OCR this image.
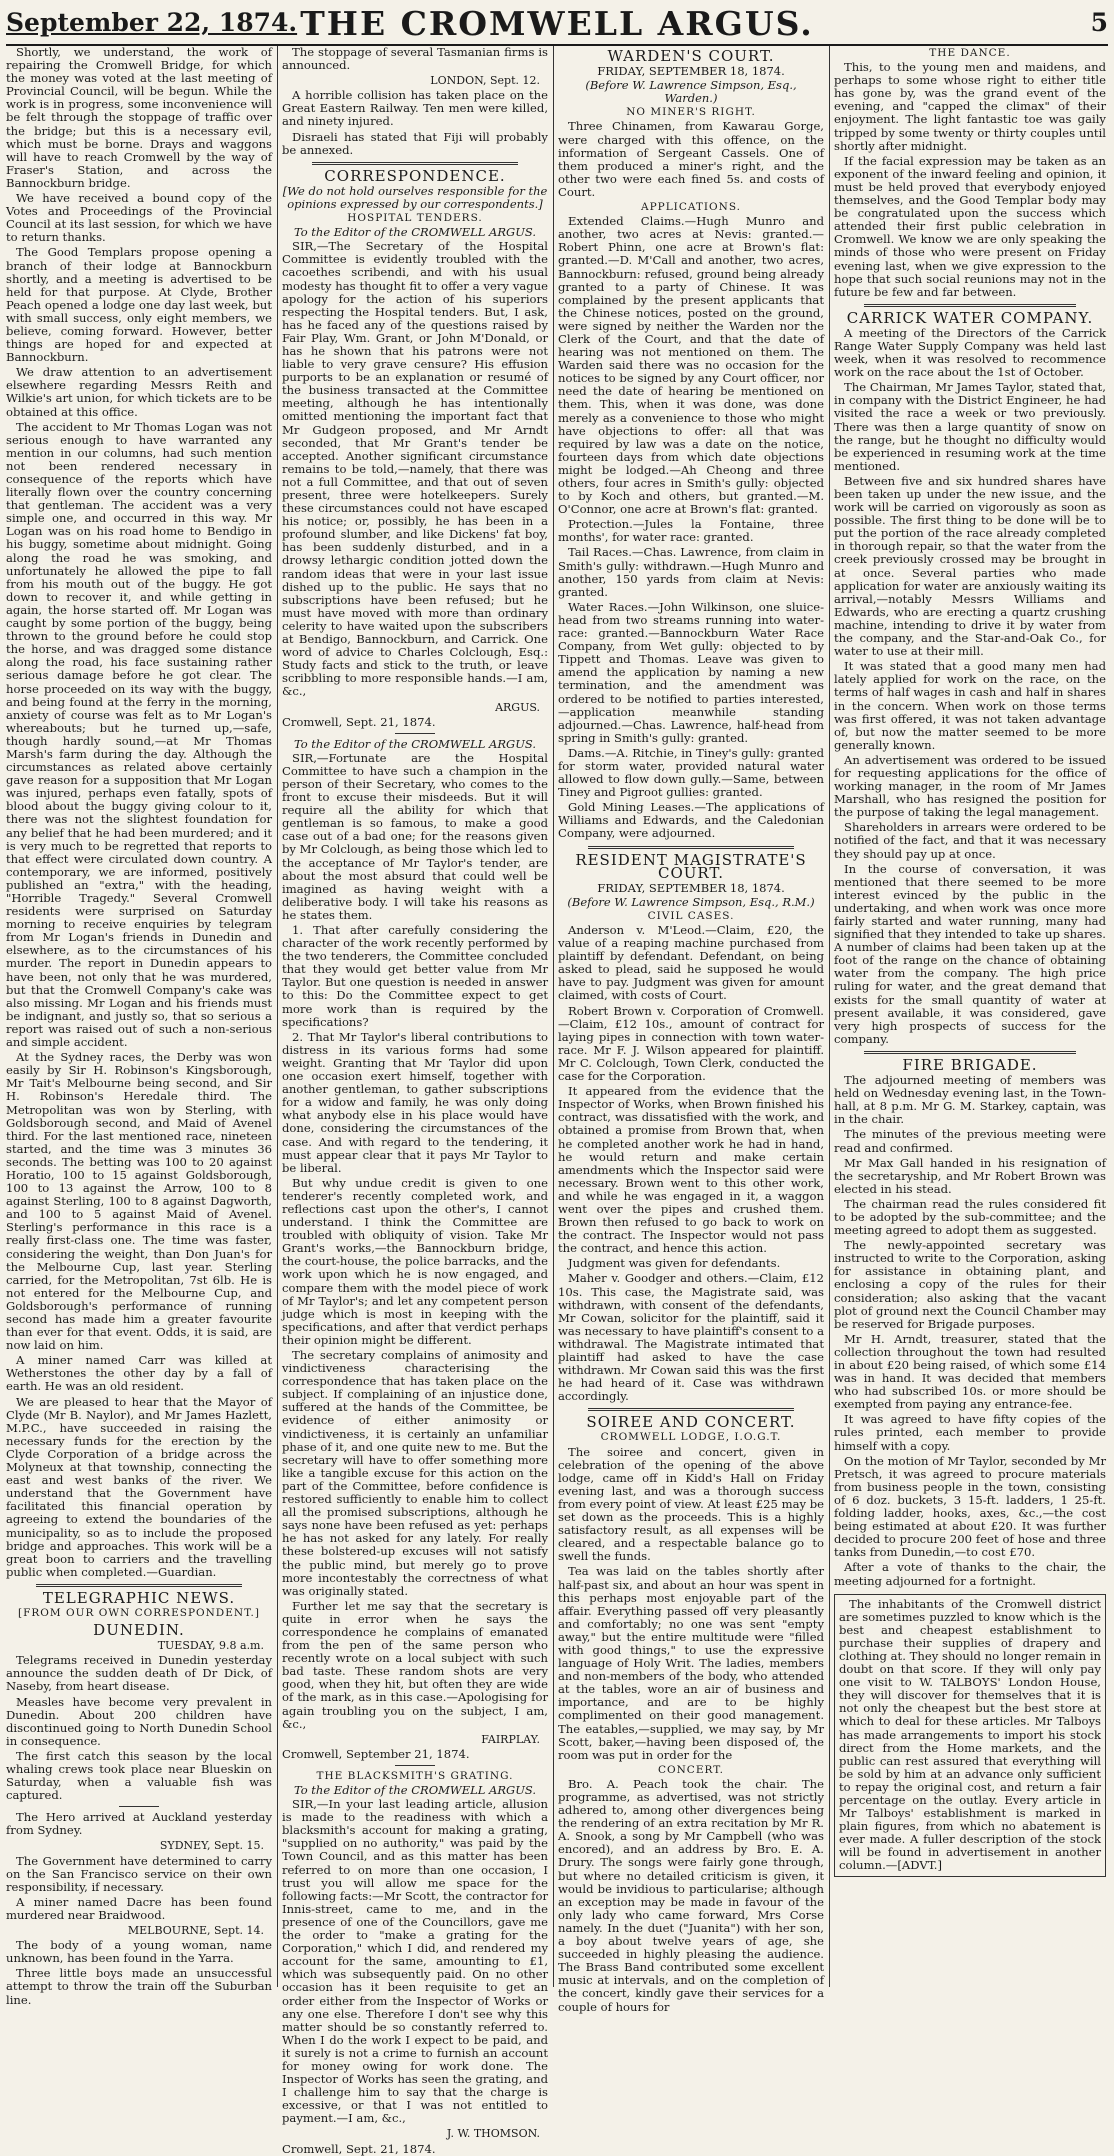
September 22, 1874. THE CROMWELL ARGUS.	5

Shortly, we understand, the work of repairing the Cromwell Bridge, for which the money was voted at the last meeting of Provincial Council, will be begun. While the work is in progress, some inconvenience will be felt through the stoppage of traffic over the bridge; but this is a necessary evil, which must be borne. Drays and waggons will have to reach Cromwell by the way of Fraser's Station, and across the Bannockburn bridge.

We have received a bound copy of the Votes and Proceedings of the Provincial Council at its last session, for which we have to return thanks.

The Good Templars propose opening a branch of their lodge at Bannockburn shortly, and a meeting is advertised to be held for that purpose. At Clyde, Brother Peach opened a lodge one day last week, but with small success, only eight members, we believe, coming forward. However, better things are hoped for and expected at Bannockburn.

We draw attention to an advertisement elsewhere regarding Messrs Reith and Wilkie's art union, for which tickets are to be obtained at this office.

The accident to Mr Thomas Logan was not serious enough to have warranted any mention in our columns, had such mention not been rendered necessary in consequence of the reports which have literally flown over the country concerning that gentleman. The accident was a very simple one, and occurred in this way. Mr Logan was on his road home to Bendigo in his buggy, sometime about midnight. Going along the road he was smoking, and unfortunately he allowed the pipe to fall from his mouth out of the buggy. He got down to recover it, and while getting in again, the horse started off. Mr Logan was caught by some portion of the buggy, being thrown to the ground before he could stop the horse, and was dragged some distance along the road, his face sustaining rather serious damage before he got clear. The horse proceeded on its way with the buggy, and being found at the ferry in the morning, anxiety of course was felt as to Mr Logan's whereabouts; but he turned up,—safe, though hardly sound,—at Mr Thomas Marsh's farm during the day. Although the circumstances as related above certainly gave reason for a supposition that Mr Logan was injured, perhaps even fatally, spots of blood about the buggy giving colour to it, there was not the slightest foundation for any belief that he had been murdered; and it is very much to be regretted that reports to that effect were circulated down country. A contemporary, we are informed, positively published an "extra," with the heading, "Horrible Tragedy." Several Cromwell residents were surprised on Saturday morning to receive enquiries by telegram from Mr Logan's friends in Dunedin and elsewhere, as to the circumstances of his murder. The report in Dunedin appears to have been, not only that he was murdered, but that the Cromwell Company's cake was also missing. Mr Logan and his friends must be indignant, and justly so, that so serious a report was raised out of such a non-serious and simple accident.

At the Sydney races, the Derby was won easily by Sir H. Robinson's Kingsborough, Mr Tait's Melbourne being second, and Sir H. Robinson's Heredale third. The Metropolitan was won by Sterling, with Goldsborough second, and Maid of Avenel third. For the last mentioned race, nineteen started, and the time was 3 minutes 36 seconds. The betting was 100 to 20 against Horatio, 100 to 15 against Goldsborough, 100 to 13 against the Arrow, 100 to 8 against Sterling, 100 to 8 against Dagworth, and 100 to 5 against Maid of Avenel. Sterling's performance in this race is a really first-class one. The time was faster, considering the weight, than Don Juan's for the Melbourne Cup, last year. Sterling carried, for the Metropolitan, 7st 6lb. He is not entered for the Melbourne Cup, and Goldsborough's performance of running second has made him a greater favourite than ever for that event. Odds, it is said, are now laid on him.

A miner named Carr was killed at Wetherstones the other day by a fall of earth. He was an old resident.

We are pleased to hear that the Mayor of Clyde (Mr B. Naylor), and Mr James Hazlett, M.P.C., have succeeded in raising the necessary funds for the erection by the Clyde Corporation of a bridge across the Molyneux at that township, connecting the east and west banks of the river. We understand that the Government have facilitated this financial operation by agreeing to extend the boundaries of the municipality, so as to include the proposed bridge and approaches. This work will be a great boon to carriers and the travelling public when completed.—Guardian.

TELEGRAPHIC NEWS.
[FROM OUR OWN CORRESPONDENT.]
DUNEDIN.
TUESDAY, 9.8 a.m.

Telegrams received in Dunedin yesterday announce the sudden death of Dr Dick, of Naseby, from heart disease.

Measles have become very prevalent in Dunedin. About 200 children have discontinued going to North Dunedin School in consequence.

The first catch this season by the local whaling crews took place near Blueskin on Saturday, when a valuable fish was captured.

The Hero arrived at Auckland yesterday from Sydney.

SYDNEY, Sept. 15.

The Government have determined to carry on the San Francisco service on their own responsibility, if necessary.

A miner named Dacre has been found murdered near Braidwood.

MELBOURNE, Sept. 14.

The body of a young woman, name unknown, has been found in the Yarra.

Three little boys made an unsuccessful attempt to throw the train off the Suburban line.

The stoppage of several Tasmanian firms is announced.

LONDON, Sept. 12.

A horrible collision has taken place on the Great Eastern Railway. Ten men were killed, and ninety injured.

Disraeli has stated that Fiji will probably be annexed.

CORRESPONDENCE.
[We do not hold ourselves responsible for the opinions expressed by our correspondents.]
HOSPITAL TENDERS.
To the Editor of the CROMWELL ARGUS.

SIR,—The Secretary of the Hospital Committee is evidently troubled with the cacoethes scribendi, and with his usual modesty has thought fit to offer a very vague apology for the action of his superiors respecting the Hospital tenders. But, I ask, has he faced any of the questions raised by Fair Play, Wm. Grant, or John M'Donald, or has he shown that his patrons were not liable to very grave censure? His effusion purports to be an explanation or resumé of the business transacted at the Committee meeting, although he has intentionally omitted mentioning the important fact that Mr Gudgeon proposed, and Mr Arndt seconded, that Mr Grant's tender be accepted. Another significant circumstance remains to be told,—namely, that there was not a full Committee, and that out of seven present, three were hotelkeepers. Surely these circumstances could not have escaped his notice; or, possibly, he has been in a profound slumber, and like Dickens' fat boy, has been suddenly disturbed, and in a drowsy lethargic condition jotted down the random ideas that were in your last issue dished up to the public. He says that no subscriptions have been refused; but he must have moved with more than ordinary celerity to have waited upon the subscribers at Bendigo, Bannockburn, and Carrick. One word of advice to Charles Colclough, Esq.: Study facts and stick to the truth, or leave scribbling to more responsible hands.—I am, &c.,

ARGUS.
Cromwell, Sept. 21, 1874.
To the Editor of the CROMWELL ARGUS.

SIR,—Fortunate are the Hospital Committee to have such a champion in the person of their Secretary, who comes to the front to excuse their misdeeds. But it will require all the ability for which that gentleman is so famous, to make a good case out of a bad one; for the reasons given by Mr Colclough, as being those which led to the acceptance of Mr Taylor's tender, are about the most absurd that could well be imagined as having weight with a deliberative body. I will take his reasons as he states them.

1. That after carefully considering the character of the work recently performed by the two tenderers, the Committee concluded that they would get better value from Mr Taylor. But one question is needed in answer to this: Do the Committee expect to get more work than is required by the specifications?

2. That Mr Taylor's liberal contributions to distress in its various forms had some weight. Granting that Mr Taylor did upon one occasion exert himself, together with another gentleman, to gather subscriptions for a widow and family, he was only doing what anybody else in his place would have done, considering the circumstances of the case. And with regard to the tendering, it must appear clear that it pays Mr Taylor to be liberal.

But why undue credit is given to one tenderer's recently completed work, and reflections cast upon the other's, I cannot understand. I think the Committee are troubled with obliquity of vision. Take Mr Grant's works,—the Bannockburn bridge, the court-house, the police barracks, and the work upon which he is now engaged, and compare them with the model piece of work of Mr Taylor's; and let any competent person judge which is most in keeping with the specifications, and after that verdict perhaps their opinion might be different.

The secretary complains of animosity and vindictiveness characterising the correspondence that has taken place on the subject. If complaining of an injustice done, suffered at the hands of the Committee, be evidence of either animosity or vindictiveness, it is certainly an unfamiliar phase of it, and one quite new to me. But the secretary will have to offer something more like a tangible excuse for this action on the part of the Committee, before confidence is restored sufficiently to enable him to collect all the promised subscriptions, although he says none have been refused as yet: perhaps he has not asked for any lately. For really these bolstered-up excuses will not satisfy the public mind, but merely go to prove more incontestably the correctness of what was originally stated.

Further let me say that the secretary is quite in error when he says the correspondence he complains of emanated from the pen of the same person who recently wrote on a local subject with such bad taste. These random shots are very good, when they hit, but often they are wide of the mark, as in this case.—Apologising for again troubling you on the subject, I am, &c.,

FAIRPLAY.
Cromwell, September 21, 1874.
THE BLACKSMITH'S GRATING.
To the Editor of the CROMWELL ARGUS.

SIR,—In your last leading article, allusion is made to the readiness with which a blacksmith's account for making a grating, "supplied on no authority," was paid by the Town Council, and as this matter has been referred to on more than one occasion, I trust you will allow me space for the following facts:—Mr Scott, the contractor for Innis-street, came to me, and in the presence of one of the Councillors, gave me the order to "make a grating for the Corporation," which I did, and rendered my account for the same, amounting to £1, which was subsequently paid. On no other occasion has it been requisite to get an order either from the Inspector of Works or any one else. Therefore I don't see why this matter should be so constantly referred to. When I do the work I expect to be paid, and it surely is not a crime to furnish an account for money owing for work done. The Inspector of Works has seen the grating, and I challenge him to say that the charge is excessive, or that I was not entitled to payment.—I am, &c.,

J. W. THOMSON.
Cromwell, Sept. 21, 1874.
WARDEN'S COURT.
FRIDAY, SEPTEMBER 18, 1874.
(Before W. Lawrence Simpson, Esq., Warden.)
NO MINER'S RIGHT.

Three Chinamen, from Kawarau Gorge, were charged with this offence, on the information of Sergeant Cassels. One of them produced a miner's right, and the other two were each fined 5s. and costs of Court.

APPLICATIONS.

Extended Claims.—Hugh Munro and another, two acres at Nevis: granted.—Robert Phinn, one acre at Brown's flat: granted.—D. M'Call and another, two acres, Bannockburn: refused, ground being already granted to a party of Chinese. It was complained by the present applicants that the Chinese notices, posted on the ground, were signed by neither the Warden nor the Clerk of the Court, and that the date of hearing was not mentioned on them. The Warden said there was no occasion for the notices to be signed by any Court officer, nor need the date of hearing be mentioned on them. This, when it was done, was done merely as a convenience to those who might have objections to offer: all that was required by law was a date on the notice, fourteen days from which date objections might be lodged.—Ah Cheong and three others, four acres in Smith's gully: objected to by Koch and others, but granted.—M. O'Connor, one acre at Brown's flat: granted.

Protection.—Jules la Fontaine, three months', for water race: granted.

Tail Races.—Chas. Lawrence, from claim in Smith's gully: withdrawn.—Hugh Munro and another, 150 yards from claim at Nevis: granted.

Water Races.—John Wilkinson, one sluice-head from two streams running into water-race: granted.—Bannockburn Water Race Company, from Wet gully: objected to by Tippett and Thomas. Leave was given to amend the application by naming a new termination, and the amendment was ordered to be notified to parties interested,—application meanwhile standing adjourned.—Chas. Lawrence, half-head from spring in Smith's gully: granted.

Dams.—A. Ritchie, in Tiney's gully: granted for storm water, provided natural water allowed to flow down gully.—Same, between Tiney and Pigroot gullies: granted.

Gold Mining Leases.—The applications of Williams and Edwards, and the Caledonian Company, were adjourned.

RESIDENT MAGISTRATE'S COURT.
FRIDAY, SEPTEMBER 18, 1874.
(Before W. Lawrence Simpson, Esq., R.M.)
CIVIL CASES.

Anderson v. M'Leod.—Claim, £20, the value of a reaping machine purchased from plaintiff by defendant. Defendant, on being asked to plead, said he supposed he would have to pay. Judgment was given for amount claimed, with costs of Court.

Robert Brown v. Corporation of Cromwell.—Claim, £12 10s., amount of contract for laying pipes in connection with town water-race. Mr F. J. Wilson appeared for plaintiff. Mr C. Colclough, Town Clerk, conducted the case for the Corporation.

It appeared from the evidence that the Inspector of Works, when Brown finished his contract, was dissatisfied with the work, and obtained a promise from Brown that, when he completed another work he had in hand, he would return and make certain amendments which the Inspector said were necessary. Brown went to this other work, and while he was engaged in it, a waggon went over the pipes and crushed them. Brown then refused to go back to work on the contract. The Inspector would not pass the contract, and hence this action.

Judgment was given for defendants.

Maher v. Goodger and others.—Claim, £12 10s. This case, the Magistrate said, was withdrawn, with consent of the defendants, Mr Cowan, solicitor for the plaintiff, said it was necessary to have plaintiff's consent to a withdrawal. The Magistrate intimated that plaintiff had asked to have the case withdrawn. Mr Cowan said this was the first he had heard of it. Case was withdrawn accordingly.

SOIREE AND CONCERT.
CROMWELL LODGE, I.O.G.T.

The soiree and concert, given in celebration of the opening of the above lodge, came off in Kidd's Hall on Friday evening last, and was a thorough success from every point of view. At least £25 may be set down as the proceeds. This is a highly satisfactory result, as all expenses will be cleared, and a respectable balance go to swell the funds.

Tea was laid on the tables shortly after half-past six, and about an hour was spent in this perhaps most enjoyable part of the affair. Everything passed off very pleasantly and comfortably; no one was sent "empty away," but the entire multitude were "filled with good things," to use the expressive language of Holy Writ. The ladies, members and non-members of the body, who attended at the tables, wore an air of business and importance, and are to be highly complimented on their good management. The eatables,—supplied, we may say, by Mr Scott, baker,—having been disposed of, the room was put in order for the

CONCERT.

Bro. A. Peach took the chair. The programme, as advertised, was not strictly adhered to, among other divergences being the rendering of an extra recitation by Mr R. A. Snook, a song by Mr Campbell (who was encored), and an address by Bro. E. A. Drury. The songs were fairly gone through, but where no detailed criticism is given, it would be invidious to particularise; although an exception may be made in favour of the only lady who came forward, Mrs Corse namely. In the duet ("Juanita") with her son, a boy about twelve years of age, she succeeded in highly pleasing the audience. The Brass Band contributed some excellent music at intervals, and on the completion of the concert, kindly gave their services for a couple of hours for

THE DANCE.

This, to the young men and maidens, and perhaps to some whose right to either title has gone by, was the grand event of the evening, and "capped the climax" of their enjoyment. The light fantastic toe was gaily tripped by some twenty or thirty couples until shortly after midnight.

If the facial expression may be taken as an exponent of the inward feeling and opinion, it must be held proved that everybody enjoyed themselves, and the Good Templar body may be congratulated upon the success which attended their first public celebration in Cromwell. We know we are only speaking the minds of those who were present on Friday evening last, when we give expression to the hope that such social reunions may not in the future be few and far between.

CARRICK WATER COMPANY.

A meeting of the Directors of the Carrick Range Water Supply Company was held last week, when it was resolved to recommence work on the race about the 1st of October.

The Chairman, Mr James Taylor, stated that, in company with the District Engineer, he had visited the race a week or two previously. There was then a large quantity of snow on the range, but he thought no difficulty would be experienced in resuming work at the time mentioned.

Between five and six hundred shares have been taken up under the new issue, and the work will be carried on vigorously as soon as possible. The first thing to be done will be to put the portion of the race already completed in thorough repair, so that the water from the creek previously crossed may be brought in at once. Several parties who made application for water are anxiously waiting its arrival,—notably Messrs Williams and Edwards, who are erecting a quartz crushing machine, intending to drive it by water from the company, and the Star-and-Oak Co., for water to use at their mill.

It was stated that a good many men had lately applied for work on the race, on the terms of half wages in cash and half in shares in the concern. When work on those terms was first offered, it was not taken advantage of, but now the matter seemed to be more generally known.

An advertisement was ordered to be issued for requesting applications for the office of working manager, in the room of Mr James Marshall, who has resigned the position for the purpose of taking the legal management.

Shareholders in arrears were ordered to be notified of the fact, and that it was necessary they should pay up at once.

In the course of conversation, it was mentioned that there seemed to be more interest evinced by the public in the undertaking, and when work was once more fairly started and water running, many had signified that they intended to take up shares. A number of claims had been taken up at the foot of the range on the chance of obtaining water from the company. The high price ruling for water, and the great demand that exists for the small quantity of water at present available, it was considered, gave very high prospects of success for the company.

FIRE BRIGADE.

The adjourned meeting of members was held on Wednesday evening last, in the Town-hall, at 8 p.m. Mr G. M. Starkey, captain, was in the chair.

The minutes of the previous meeting were read and confirmed.

Mr Max Gall handed in his resignation of the secretaryship, and Mr Robert Brown was elected in his stead.

The chairman read the rules considered fit to be adopted by the sub-committee; and the meeting agreed to adopt them as suggested.

The newly-appointed secretary was instructed to write to the Corporation, asking for assistance in obtaining plant, and enclosing a copy of the rules for their consideration; also asking that the vacant plot of ground next the Council Chamber may be reserved for Brigade purposes.

Mr H. Arndt, treasurer, stated that the collection throughout the town had resulted in about £20 being raised, of which some £14 was in hand. It was decided that members who had subscribed 10s. or more should be exempted from paying any entrance-fee.

It was agreed to have fifty copies of the rules printed, each member to provide himself with a copy.

On the motion of Mr Taylor, seconded by Mr Pretsch, it was agreed to procure materials from business people in the town, consisting of 6 doz. buckets, 3 15-ft. ladders, 1 25-ft. folding ladder, hooks, axes, &c.,—the cost being estimated at about £20. It was further decided to procure 200 feet of hose and three tanks from Dunedin,—to cost £70.

After a vote of thanks to the chair, the meeting adjourned for a fortnight.

The inhabitants of the Cromwell district are sometimes puzzled to know which is the best and cheapest establishment to purchase their supplies of drapery and clothing at. They should no longer remain in doubt on that score. If they will only pay one visit to W. TALBOYS' London House, they will discover for themselves that it is not only the cheapest but the best store at which to deal for these articles. Mr Talboys has made arrangements to import his stock direct from the Home markets, and the public can rest assured that everything will be sold by him at an advance only sufficient to repay the original cost, and return a fair percentage on the outlay. Every article in Mr Talboys' establishment is marked in plain figures, from which no abatement is ever made. A fuller description of the stock will be found in advertisement in another column.—[ADVT.]
